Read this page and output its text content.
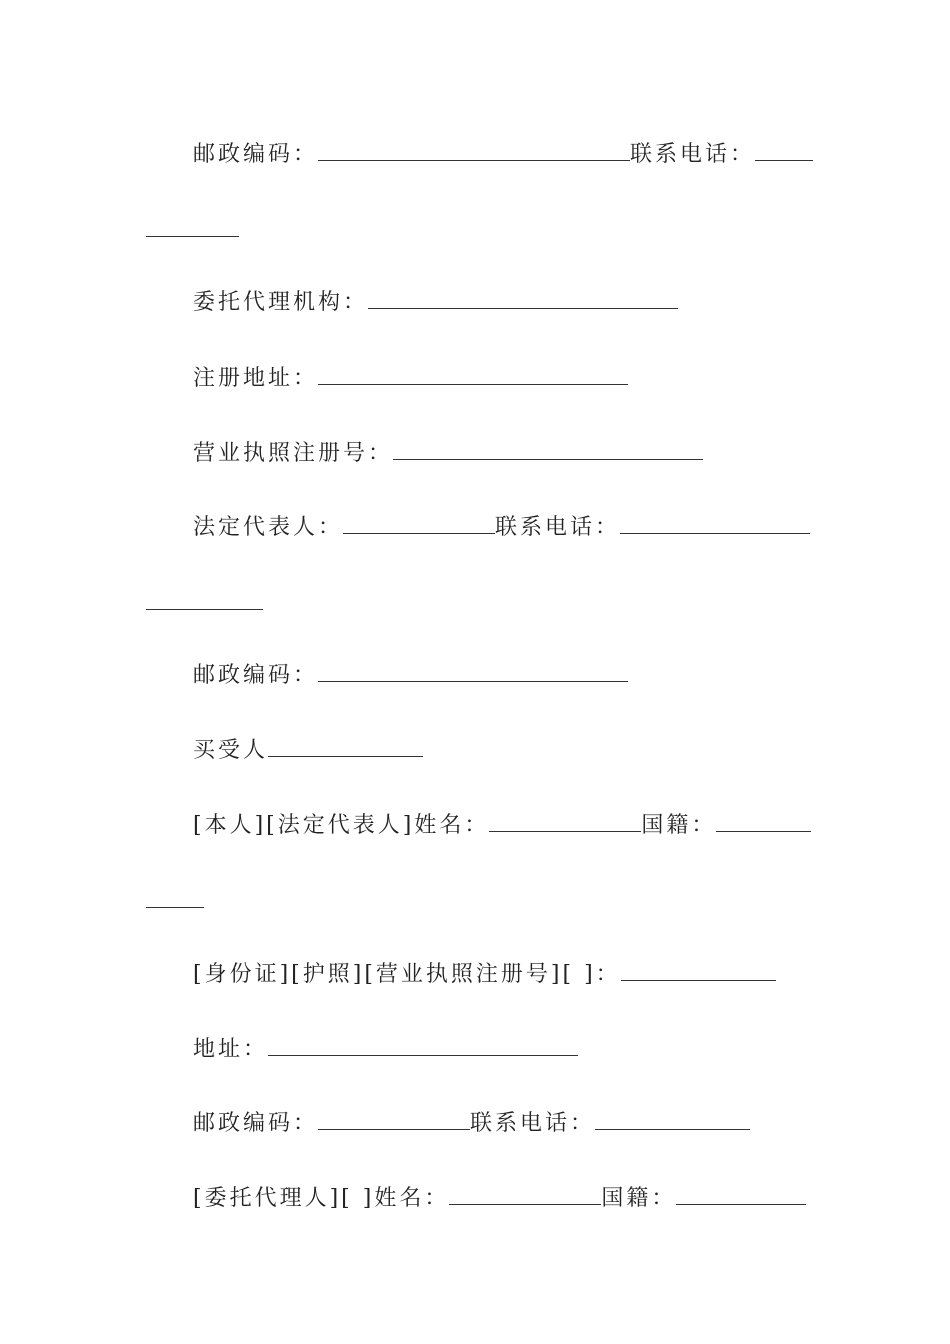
邮政编码：	联系电话：
委托代理机构：
注册地址：
营业执照注册号：
法定代表人：	联系电话：
邮政编码：
买受人
[本人][法定代表人]姓名：	国籍：
[身份证][护照][营业执照注册号][ ]：
地址：
邮政编码：	联系电话：
[委托代理人][ ]姓名：	国籍：
